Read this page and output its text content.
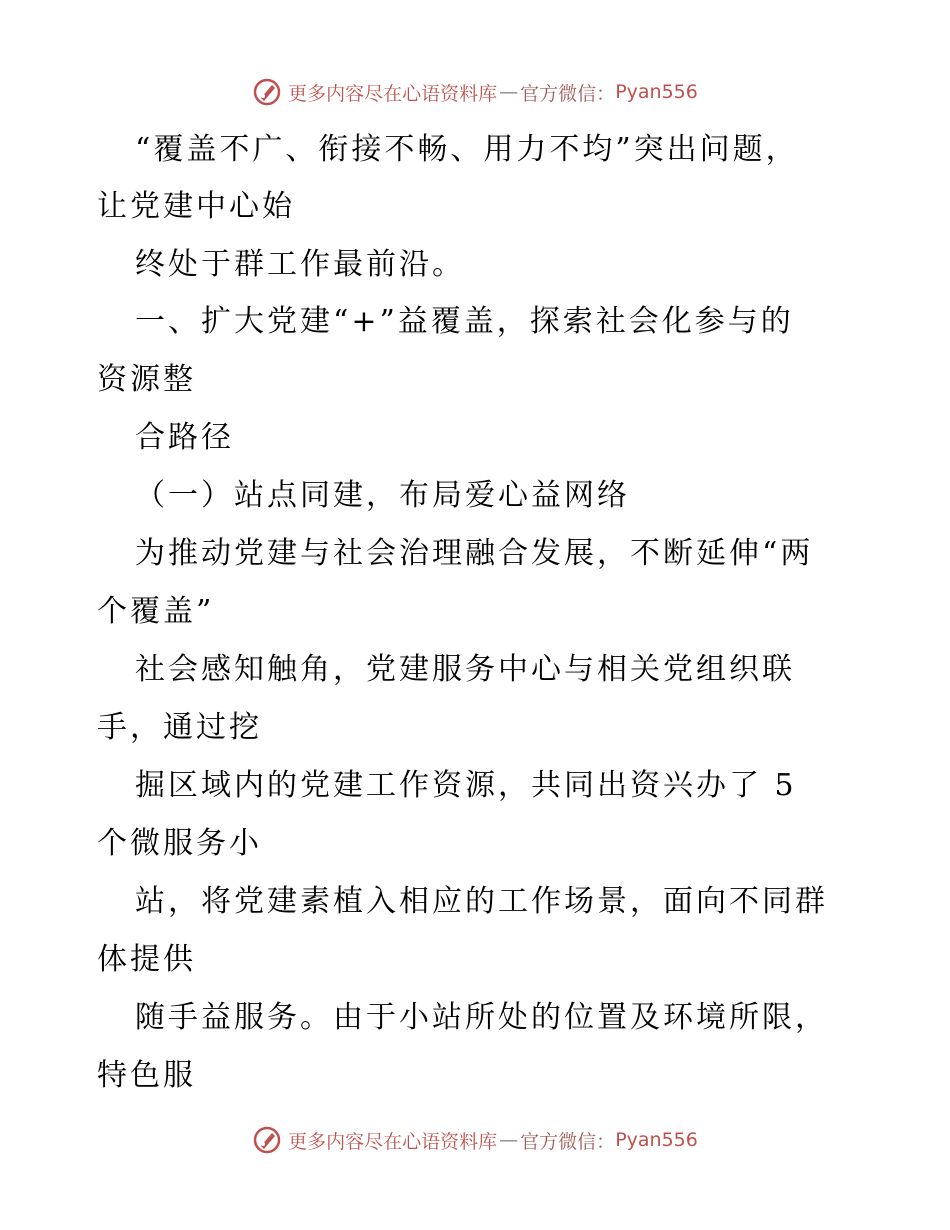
更多内容尽在心语资料库 — 官方微信： Pyan556
“覆盖不广、衔接不畅、用力不均”突出问题，
让党建中心始
终处于群工作最前沿。
一、扩大党建“+”益覆盖，探索社会化参与的
资源整
合路径
（一）站点同建，布局爱心益网络
为推动党建与社会治理融合发展，不断延伸“两
个覆盖”
社会感知触角，党建服务中心与相关党组织联
手，通过挖
掘区域内的党建工作资源，共同出资兴办了 5
个微服务小
站，将党建素植入相应的工作场景，面向不同群
体提供
随手益服务。由于小站所处的位置及环境所限，
特色服
更多内容尽在心语资料库 — 官方微信： Pyan556
